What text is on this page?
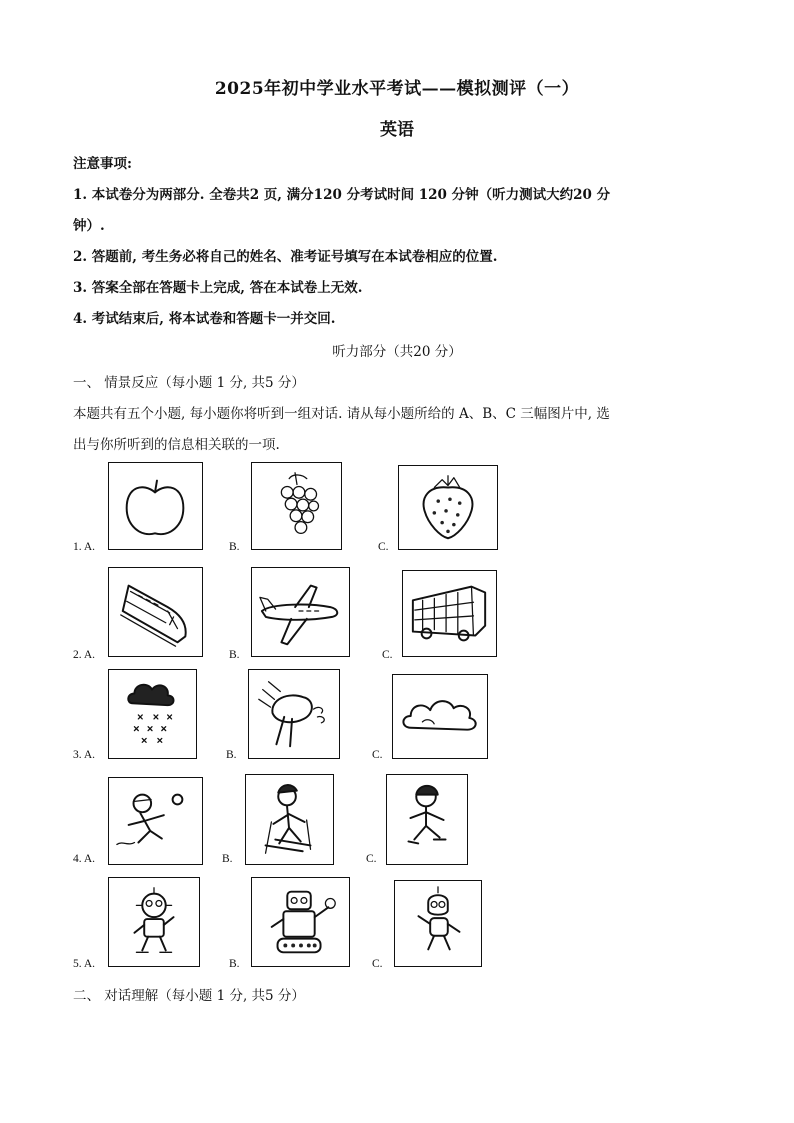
2025年初中学业水平考试——模拟测评（一）
英语
注意事项:
1. 本试卷分为两部分. 全卷共2 页, 满分120 分考试时间 120 分钟（听力测试大约20 分
钟）.
2. 答题前, 考生务必将自己的姓名、准考证号填写在本试卷相应的位置.
3. 答案全部在答题卡上完成, 答在本试卷上无效.
4. 考试结束后, 将本试卷和答题卡一并交回.
听力部分（共20 分）
一、 情景反应（每小题 1 分, 共5 分）
本题共有五个小题, 每小题你将听到一组对话. 请从每小题所给的 A、B、C 三幅图片中, 选
出与你所听到的信息相关联的一项.
1. A.	B.	C.
2. A.	B.	C.
3. A.	B.	C.
4. A.	B.	C.
5. A.	B.	C.
二、 对话理解（每小题 1 分, 共5 分）
